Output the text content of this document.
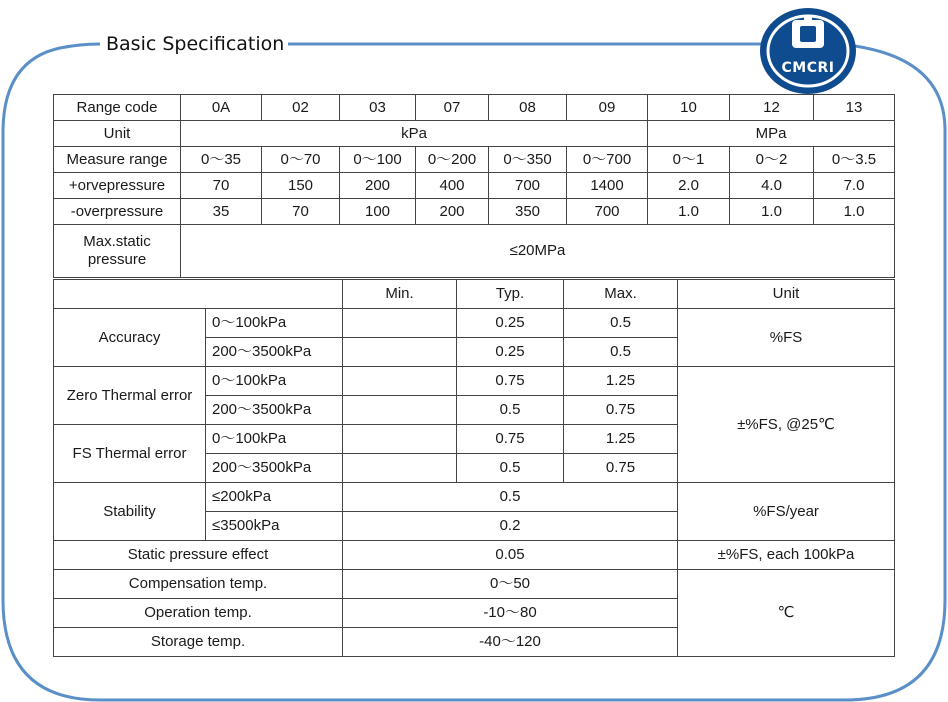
Basic Specification
CMCRI
Range code	0A	02	03	07	08	09	10	12	13
Unit	kPa						MPa		
Measure range	0～35	0～70	0～100	0～200	0～350	0～700	0～1	0～2	0～3.5
+orvepressure	70	150	200	400	700	1400	2.0	4.0	7.0
-overpressure	35	70	100	200	350	700	1.0	1.0	1.0
Max.static pressure	≤20MPa								
		Min.	Typ.	Max.	Unit
Accuracy	0～100kPa		0.25	0.5	%FS
	200～3500kPa		0.25	0.5	
Zero Thermal error	0～100kPa		0.75	1.25	±%FS, @25℃
	200～3500kPa		0.5	0.75	
FS Thermal error	0～100kPa		0.75	1.25	
	200～3500kPa		0.5	0.75	
Stability	≤200kPa	0.5			%FS/year
	≤3500kPa	0.2			
Static pressure effect		0.05			±%FS, each 100kPa
Compensation temp.		0～50			℃
Operation temp.		-10～80			
Storage temp.		-40～120			
